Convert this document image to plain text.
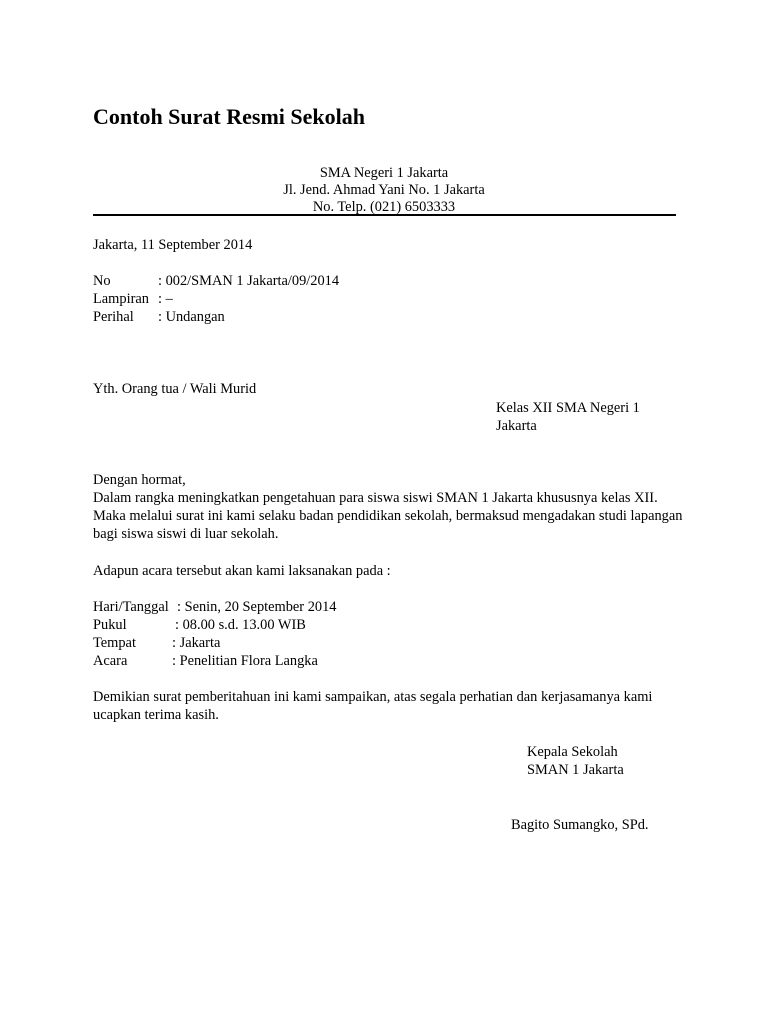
Contoh Surat Resmi Sekolah
SMA Negeri 1 Jakarta
Jl. Jend. Ahmad Yani No. 1 Jakarta
No. Telp. (021) 6503333
Jakarta, 11 September 2014
No	: 002/SMAN 1 Jakarta/09/2014
Lampiran : –
Perihal : Undangan
Yth. Orang tua / Wali Murid
Kelas XII SMA Negeri 1
Jakarta
Dengan hormat,
Dalam rangka meningkatkan pengetahuan para siswa siswi SMAN 1 Jakarta khususnya kelas XII. Maka melalui surat ini kami selaku badan pendidikan sekolah, bermaksud mengadakan studi lapangan bagi siswa siswi di luar sekolah.
Adapun acara tersebut akan kami laksanakan pada :
Hari/Tanggal : Senin, 20 September 2014
Pukul	: 08.00 s.d. 13.00 WIB
Tempat	: Jakarta
Acara	: Penelitian Flora Langka
Demikian surat pemberitahuan ini kami sampaikan, atas segala perhatian dan kerjasamanya kami ucapkan terima kasih.
Kepala Sekolah
SMAN 1 Jakarta
Bagito Sumangko, SPd.
